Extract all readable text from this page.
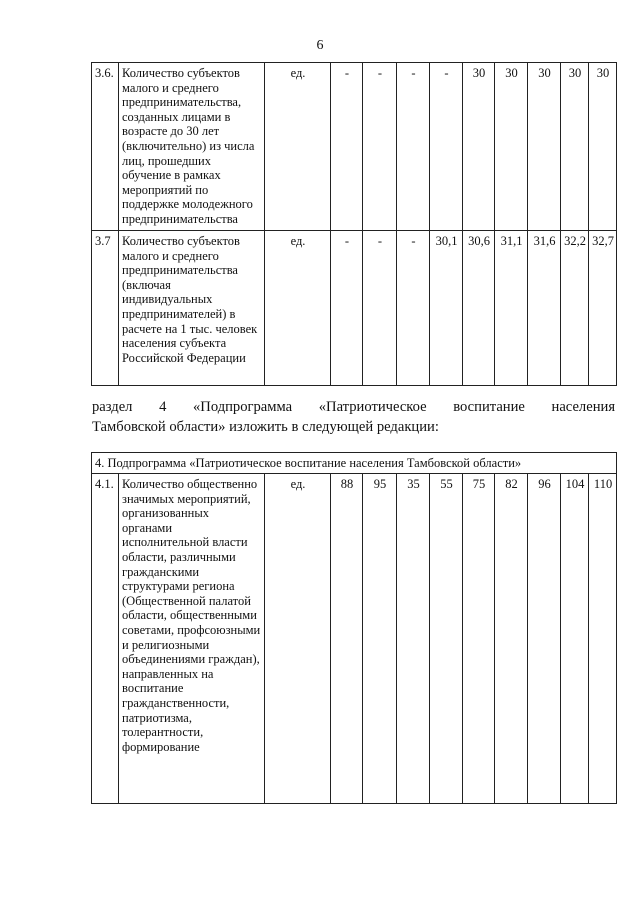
6
3.6.	Количество субъектов малого и среднего предпринимательства, созданных лицами в возрасте до 30 лет (включительно) из числа лиц, прошедших обучение в рамках мероприятий по поддержке молодежного предпринимательства	ед.	-	-	-	-	30	30	30	30	30
3.7	Количество субъектов малого и среднего предпринимательства (включая индивидуальных предпринимателей) в расчете на 1 тыс. человек населения субъекта Российской Федерации	ед.	-	-	-	30,1	30,6	31,1	31,6	32,2	32,7
раздел 4 «Подпрограмма «Патриотическое воспитание населения
Тамбовской области» изложить в следующей редакции:
4. Подпрограмма «Патриотическое воспитание населения Тамбовской области»
4.1.	Количество общественно значимых мероприятий, организованных органами исполнительной власти области, различными гражданскими структурами региона (Общественной палатой области, общественными советами, профсоюзными и религиозными объединениями граждан), направленных на воспитание гражданственности, патриотизма, толерантности, формирование	ед.	88	95	35	55	75	82	96	104	110
